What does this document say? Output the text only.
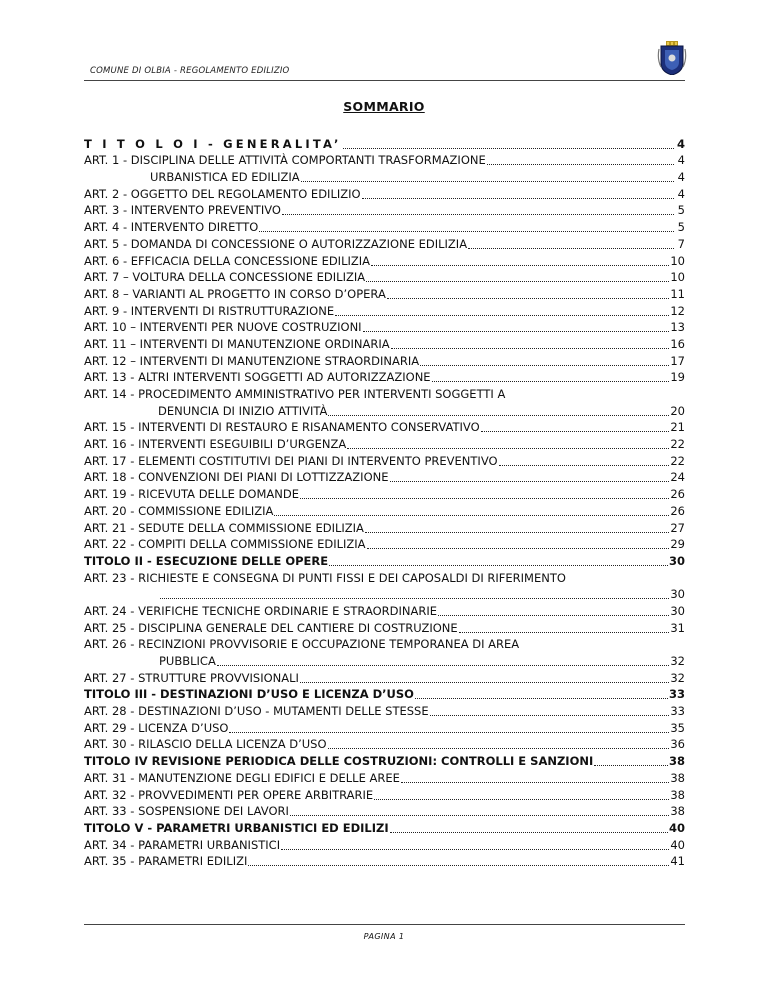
COMUNE DI OLBIA - REGOLAMENTO EDILIZIO
SOMMARIO
T I T O L O I - GENERALITA’	4
ART. 1 - DISCIPLINA DELLE ATTIVITÀ COMPORTANTI TRASFORMAZIONE	4
URBANISTICA ED EDILIZIA	4
ART. 2 - OGGETTO DEL REGOLAMENTO EDILIZIO	4
ART. 3 - INTERVENTO PREVENTIVO	5
ART. 4 - INTERVENTO DIRETTO	5
ART. 5 - DOMANDA DI CONCESSIONE O AUTORIZZAZIONE EDILIZIA	7
ART. 6 - EFFICACIA DELLA CONCESSIONE EDILIZIA	10
ART. 7 – VOLTURA DELLA CONCESSIONE EDILIZIA	10
ART. 8 – VARIANTI AL PROGETTO IN CORSO D’OPERA	11
ART. 9 - INTERVENTI DI RISTRUTTURAZIONE	12
ART. 10 – INTERVENTI PER NUOVE COSTRUZIONI	13
ART. 11 – INTERVENTI DI MANUTENZIONE ORDINARIA	16
ART. 12 – INTERVENTI DI MANUTENZIONE STRAORDINARIA	17
ART. 13 - ALTRI INTERVENTI SOGGETTI AD AUTORIZZAZIONE	19
ART. 14 - PROCEDIMENTO AMMINISTRATIVO PER INTERVENTI SOGGETTI A
DENUNCIA DI INIZIO ATTIVITÀ	20
ART. 15 - INTERVENTI DI RESTAURO E RISANAMENTO CONSERVATIVO	21
ART. 16 - INTERVENTI ESEGUIBILI D’URGENZA	22
ART. 17 - ELEMENTI COSTITUTIVI DEI PIANI DI INTERVENTO PREVENTIVO	22
ART. 18 - CONVENZIONI DEI PIANI DI LOTTIZZAZIONE	24
ART. 19 - RICEVUTA DELLE DOMANDE	26
ART. 20 - COMMISSIONE EDILIZIA	26
ART. 21 - SEDUTE DELLA COMMISSIONE EDILIZIA	27
ART. 22 - COMPITI DELLA COMMISSIONE EDILIZIA	29
TITOLO II - ESECUZIONE DELLE OPERE	30
ART. 23 - RICHIESTE E CONSEGNA DI PUNTI FISSI E DEI CAPOSALDI DI RIFERIMENTO
30
ART. 24 - VERIFICHE TECNICHE ORDINARIE E STRAORDINARIE	30
ART. 25 - DISCIPLINA GENERALE DEL CANTIERE DI COSTRUZIONE	31
ART. 26 - RECINZIONI PROVVISORIE E OCCUPAZIONE TEMPORANEA DI AREA
PUBBLICA	32
ART. 27 - STRUTTURE PROVVISIONALI	32
TITOLO III - DESTINAZIONI D’USO E LICENZA D’USO	33
ART. 28 - DESTINAZIONI D’USO - MUTAMENTI DELLE STESSE	33
ART. 29 - LICENZA D’USO	35
ART. 30 - RILASCIO DELLA LICENZA D’USO	36
TITOLO IV REVISIONE PERIODICA DELLE COSTRUZIONI: CONTROLLI E SANZIONI	38
ART. 31 - MANUTENZIONE DEGLI EDIFICI E DELLE AREE	38
ART. 32 - PROVVEDIMENTI PER OPERE ARBITRARIE	38
ART. 33 - SOSPENSIONE DEI LAVORI	38
TITOLO V - PARAMETRI URBANISTICI ED EDILIZI	40
ART. 34 - PARAMETRI URBANISTICI	40
ART. 35 - PARAMETRI EDILIZI	41
PAGINA 1
